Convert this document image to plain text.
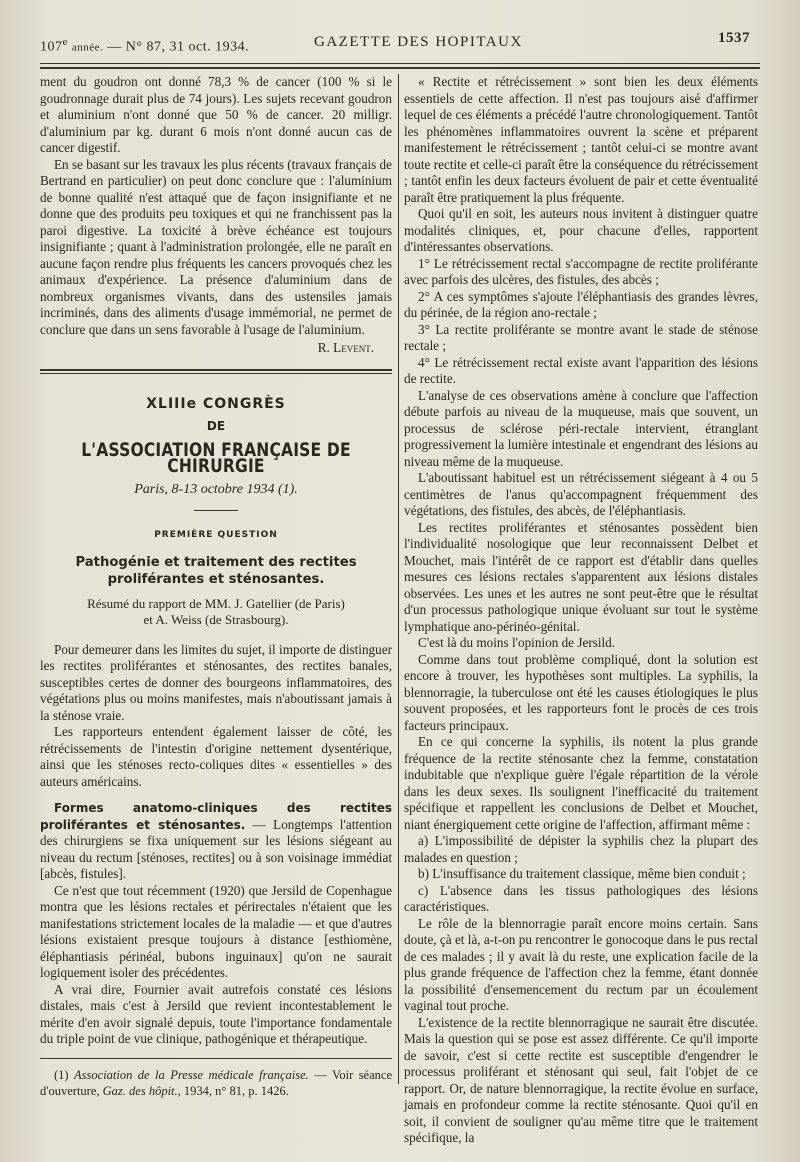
107e année. — N° 87, 31 oct. 1934.	GAZETTE DES HOPITAUX	1537

ment du goudron ont donné 78,3 % de cancer (100 % si le goudronnage durait plus de 74 jours). Les sujets recevant goudron et aluminium n'ont donné que 50 % de cancer. 20 milligr. d'aluminium par kg. durant 6 mois n'ont donné aucun cas de cancer digestif.

En se basant sur les travaux les plus récents (travaux français de Bertrand en particulier) on peut donc conclure que : l'aluminium de bonne qualité n'est attaqué que de façon insignifiante et ne donne que des produits peu toxiques et qui ne franchissent pas la paroi digestive. La toxicité à brève échéance est toujours insignifiante ; quant à l'administration prolongée, elle ne paraît en aucune façon rendre plus fréquents les cancers provoqués chez les animaux d'expérience. La présence d'aluminium dans de nombreux organismes vivants, dans des ustensiles jamais incriminés, dans des aliments d'usage immémorial, ne permet de conclure que dans un sens favorable à l'usage de l'aluminium.

R. Levent.
XLIIIe CONGRÈS
DE
L'ASSOCIATION FRANÇAISE DE CHIRURGIE
Paris, 8-13 octobre 1934 (1).
PREMIÈRE QUESTION
Pathogénie et traitement des rectites proliférantes et sténosantes.
Résumé du rapport de MM. J. Gatellier (de Paris)
et A. Weiss (de Strasbourg).

Pour demeurer dans les limites du sujet, il importe de distinguer les rectites proliférantes et sténosantes, des rectites banales, susceptibles certes de donner des bourgeons inflammatoires, des végétations plus ou moins manifestes, mais n'aboutissant jamais à la sténose vraie.

Les rapporteurs entendent également laisser de côté, les rétrécissements de l'intestin d'origine nettement dysentérique, ainsi que les sténoses recto-coliques dites « essentielles » des auteurs américains.

Formes anatomo-cliniques des rectites proliférantes et sténosantes. — Longtemps l'attention des chirurgiens se fixa uniquement sur les lésions siégeant au niveau du rectum [sténoses, rectites] ou à son voisinage immédiat [abcès, fistules].

Ce n'est que tout récemment (1920) que Jersild de Copenhague montra que les lésions rectales et périrectales n'étaient que les manifestations strictement locales de la maladie — et que d'autres lésions existaient presque toujours à distance [esthiomène, éléphantiasis périnéal, bubons inguinaux] qu'on ne saurait logiquement isoler des précédentes.

A vrai dire, Fournier avait autrefois constaté ces lésions distales, mais c'est à Jersild que revient incontestablement le mérite d'en avoir signalé depuis, toute l'importance fondamentale du triple point de vue clinique, pathogénique et thérapeutique.

(1) Association de la Presse médicale française. — Voir séance d'ouverture, Gaz. des hôpit., 1934, n° 81, p. 1426.

« Rectite et rétrécissement » sont bien les deux éléments essentiels de cette affection. Il n'est pas toujours aisé d'affirmer lequel de ces éléments a précédé l'autre chronologiquement. Tantôt les phénomènes inflammatoires ouvrent la scène et préparent manifestement le rétrécissement ; tantôt celui-ci se montre avant toute rectite et celle-ci paraît être la conséquence du rétrécissement ; tantôt enfin les deux facteurs évoluent de pair et cette éventualité paraît être pratiquement la plus fréquente.

Quoi qu'il en soit, les auteurs nous invitent à distinguer quatre modalités cliniques, et, pour chacune d'elles, rapportent d'intéressantes observations.

1° Le rétrécissement rectal s'accompagne de rectite proliférante avec parfois des ulcères, des fistules, des abcès ;

2° A ces symptômes s'ajoute l'éléphantiasis des grandes lèvres, du périnée, de la région ano-rectale ;

3° La rectite proliférante se montre avant le stade de sténose rectale ;

4° Le rétrécissement rectal existe avant l'apparition des lésions de rectite.

L'analyse de ces observations amène à conclure que l'affection débute parfois au niveau de la muqueuse, mais que souvent, un processus de sclérose péri-rectale intervient, étranglant progressivement la lumière intestinale et engendrant des lésions au niveau même de la muqueuse.

L'aboutissant habituel est un rétrécissement siégeant à 4 ou 5 centimètres de l'anus qu'accompagnent fréquemment des végétations, des fistules, des abcès, de l'éléphantiasis.

Les rectites proliférantes et sténosantes possèdent bien l'individualité nosologique que leur reconnaissent Delbet et Mouchet, mais l'intérêt de ce rapport est d'établir dans quelles mesures ces lésions rectales s'apparentent aux lésions distales observées. Les unes et les autres ne sont peut-être que le résultat d'un processus pathologique unique évoluant sur tout le système lymphatique ano-périnéo-génital.

C'est là du moins l'opinion de Jersild.

Comme dans tout problème compliqué, dont la solution est encore à trouver, les hypothèses sont multiples. La syphilis, la blennorragie, la tuberculose ont été les causes étiologiques le plus souvent proposées, et les rapporteurs font le procès de ces trois facteurs principaux.

En ce qui concerne la syphilis, ils notent la plus grande fréquence de la rectite sténosante chez la femme, constatation indubitable que n'explique guère l'égale répartition de la vérole dans les deux sexes. Ils soulignent l'inefficacité du traitement spécifique et rappellent les conclusions de Delbet et Mouchet, niant énergiquement cette origine de l'affection, affirmant même :

a) L'impossibilité de dépister la syphilis chez la plupart des malades en question ;

b) L'insuffisance du traitement classique, même bien conduit ;

c) L'absence dans les tissus pathologiques des lésions caractéristiques.

Le rôle de la blennorragie paraît encore moins certain. Sans doute, çà et là, a-t-on pu rencontrer le gonocoque dans le pus rectal de ces malades ; il y avait là du reste, une explication facile de la plus grande fréquence de l'affection chez la femme, étant donnée la possibilité d'ensemencement du rectum par un écoulement vaginal tout proche.

L'existence de la rectite blennorragique ne saurait être discutée. Mais la question qui se pose est assez différente. Ce qu'il importe de savoir, c'est si cette rectite est susceptible d'engendrer le processus proliférant et sténosant qui seul, fait l'objet de ce rapport. Or, de nature blennorragique, la rectite évolue en surface, jamais en profondeur comme la rectite sténosante. Quoi qu'il en soit, il convient de souligner qu'au même titre que le traitement spécifique, la
